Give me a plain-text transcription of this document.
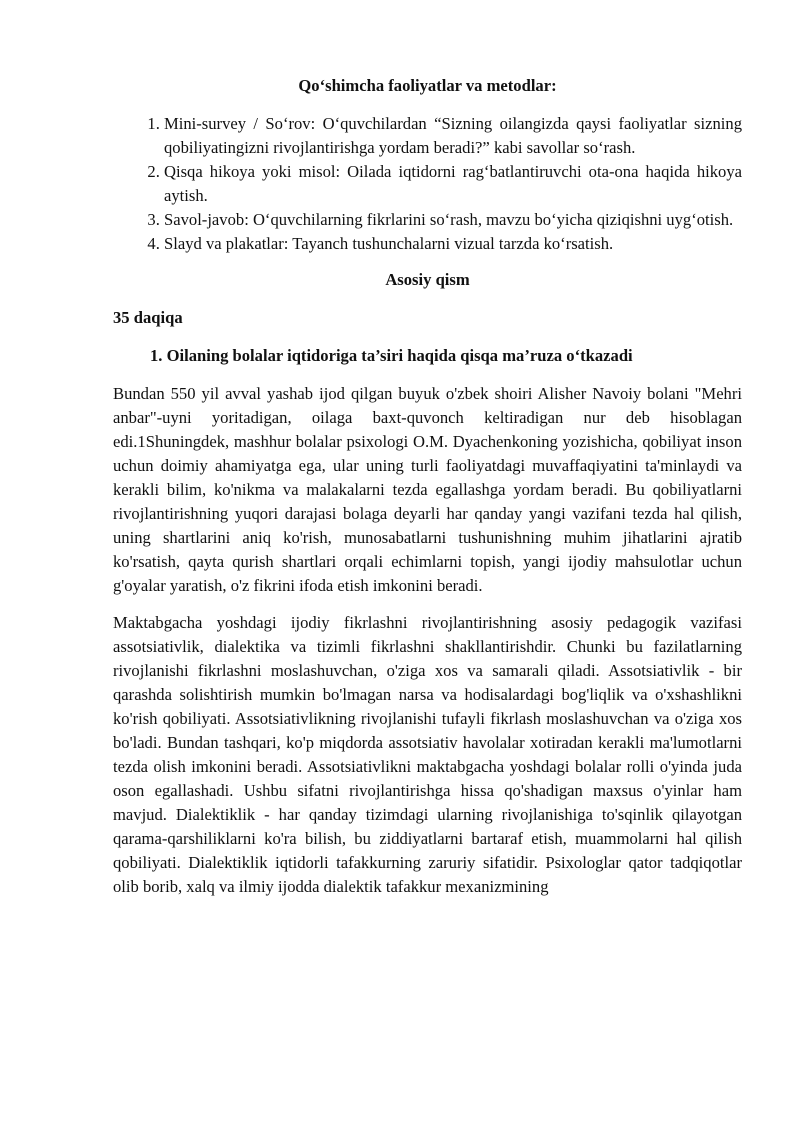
Qo‘shimcha faoliyatlar va metodlar:

1. Mini-survey / So‘rov: O‘quvchilardan “Sizning oilangizda qaysi faoliyatlar sizning qobiliyatingizni rivojlantirishga yordam beradi?” kabi savollar so‘rash.
2. Qisqa hikoya yoki misol: Oilada iqtidorni rag‘batlantiruvchi ota-ona haqida hikoya aytish.
3. Savol-javob: O‘quvchilarning fikrlarini so‘rash, mavzu bo‘yicha qiziqishni uyg‘otish.
4. Slayd va plakatlar: Tayanch tushunchalarni vizual tarzda ko‘rsatish.

Asosiy qism

35 daqiqa

1. Oilaning bolalar iqtidoriga ta’siri haqida qisqa ma’ruza o‘tkazadi

Bundan 550 yil avval yashab ijod qilgan buyuk o'zbek shoiri Alisher Navoiy bolani "Mehri anbar"-uyni yoritadigan, oilaga baxt-quvonch keltiradigan nur deb hisoblagan edi.1Shuningdek, mashhur bolalar psixologi O.M. Dyachenkoning yozishicha, qobiliyat inson uchun doimiy ahamiyatga ega, ular uning turli faoliyatdagi muvaffaqiyatini ta'minlaydi va kerakli bilim, ko'nikma va malakalarni tezda egallashga yordam beradi. Bu qobiliyatlarni rivojlantirishning yuqori darajasi bolaga deyarli har qanday yangi vazifani tezda hal qilish, uning shartlarini aniq ko'rish, munosabatlarni tushunishning muhim jihatlarini ajratib ko'rsatish, qayta qurish shartlari orqali echimlarni topish, yangi ijodiy mahsulotlar uchun g'oyalar yaratish, o'z fikrini ifoda etish imkonini beradi.

Maktabgacha yoshdagi ijodiy fikrlashni rivojlantirishning asosiy pedagogik vazifasi assotsiativlik, dialektika va tizimli fikrlashni shakllantirishdir. Chunki bu fazilatlarning rivojlanishi fikrlashni moslashuvchan, o'ziga xos va samarali qiladi. Assotsiativlik - bir qarashda solishtirish mumkin bo'lmagan narsa va hodisalardagi bog'liqlik va o'xshashlikni ko'rish qobiliyati. Assotsiativlikning rivojlanishi tufayli fikrlash moslashuvchan va o'ziga xos bo'ladi. Bundan tashqari, ko'p miqdorda assotsiativ havolalar xotiradan kerakli ma'lumotlarni tezda olish imkonini beradi. Assotsiativlikni maktabgacha yoshdagi bolalar rolli o'yinda juda oson egallashadi. Ushbu sifatni rivojlantirishga hissa qo'shadigan maxsus o'yinlar ham mavjud. Dialektiklik - har qanday tizimdagi ularning rivojlanishiga to'sqinlik qilayotgan qarama-qarshiliklarni ko'ra bilish, bu ziddiyatlarni bartaraf etish, muammolarni hal qilish qobiliyati. Dialektiklik iqtidorli tafakkurning zaruriy sifatidir. Psixologlar qator tadqiqotlar olib borib, xalq va ilmiy ijodda dialektik tafakkur mexanizmining
